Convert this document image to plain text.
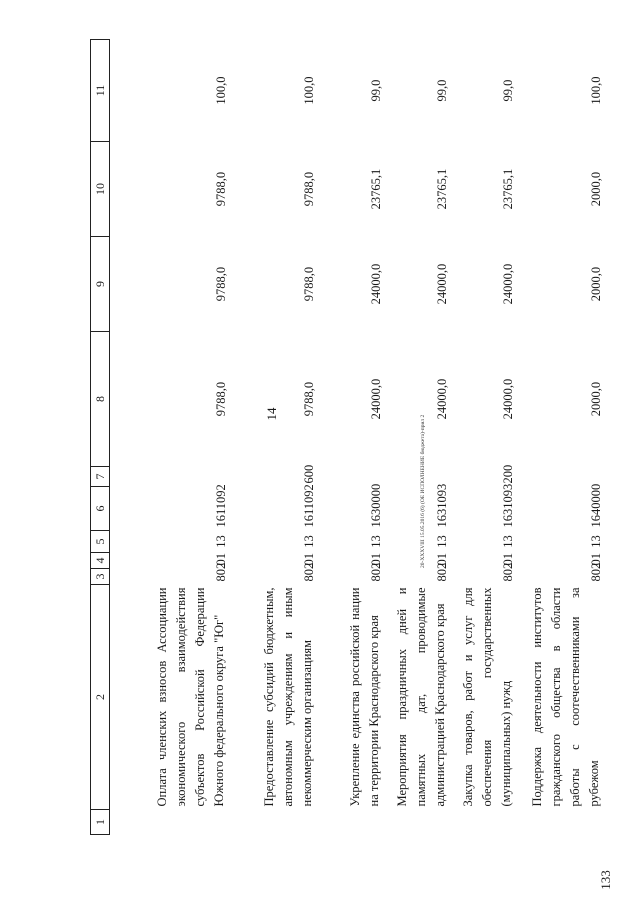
14
133
20-XXXVIII 15.05.2016 (6) (OE ИСПОЛНЕНИЕ бюджета)-прил 2
1	2	3	4	5	6	7	8	9	10	11
	Оплата членских взносов Ассоциации экономического взаимодействия субъектов Российской Федерации Южного федерального округа "Юг"	802	01	13	1611092		9788,0	9788,0	9788,0	100,0
	Предоставление субсидий бюджетным, автономным учреждениям и иным некоммерческим организациям	802	01	13	1611092	600	9788,0	9788,0	9788,0	100,0
	Укрепление единства российской нации на территории Краснодарского края	802	01	13	1630000		24000,0	24000,0	23765,1	99,0
	Мероприятия праздничных дней и памятных дат, проводимые администрацией Краснодарского края	802	01	13	1631093		24000,0	24000,0	23765,1	99,0
	Закупка товаров, работ и услуг для обеспечения государственных (муниципальных) нужд	802	01	13	1631093	200	24000,0	24000,0	23765,1	99,0
	Поддержка деятельности институтов гражданского общества в области работы с соотечественниками за рубежом	802	01	13	1640000		2000,0	2000,0	2000,0	100,0
